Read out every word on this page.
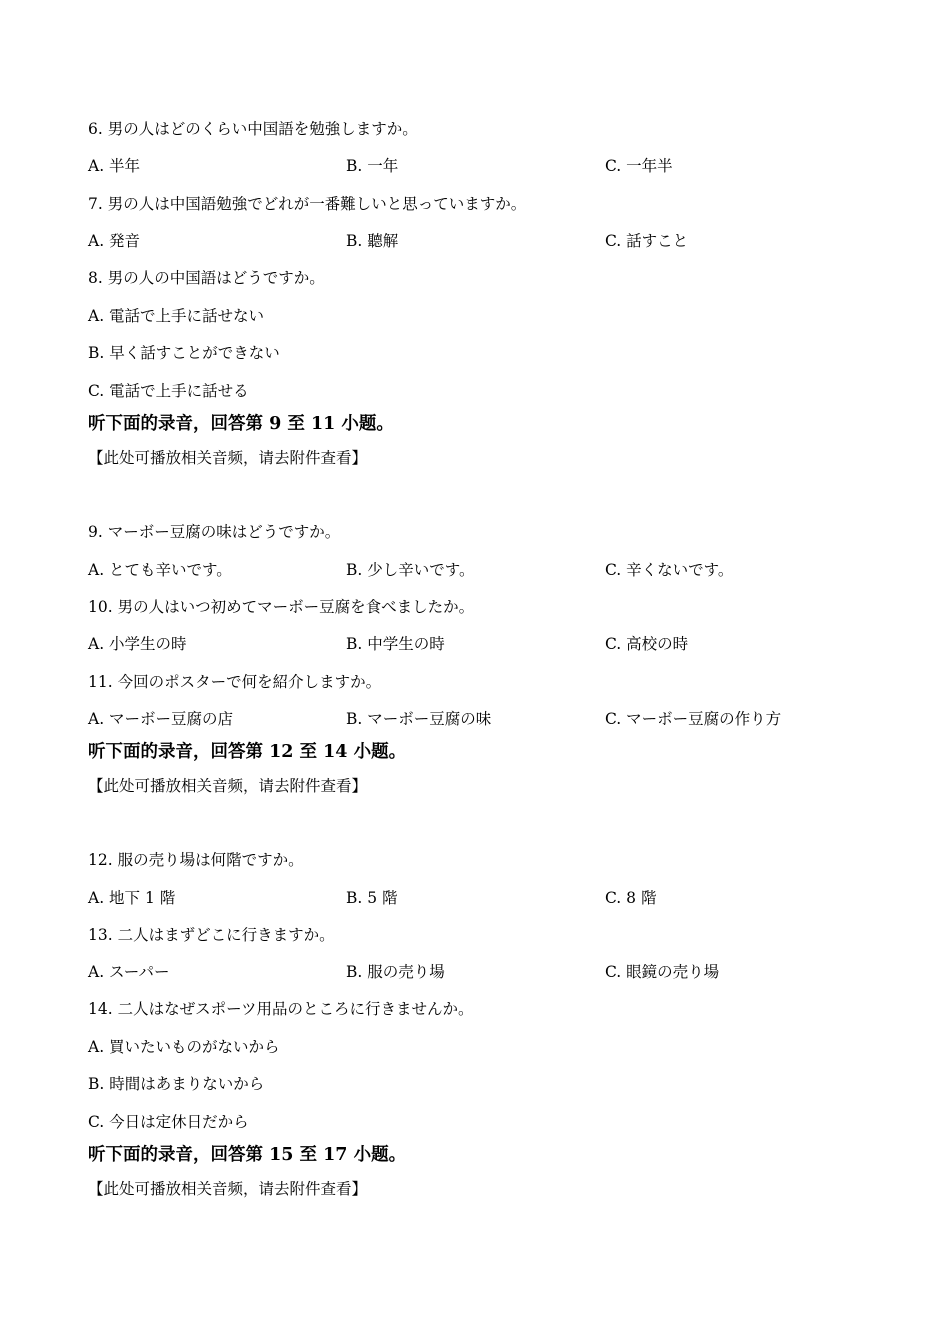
6. 男の人はどのくらい中国語を勉強しますか。
A. 半年	B. 一年	C. 一年半
7. 男の人は中国語勉強でどれが一番難しいと思っていますか。
A. 発音	B. 聽解	C. 話すこと
8. 男の人の中国語はどうですか。
A. 電話で上手に話せない
B. 早く話すことができない
C. 電話で上手に話せる
听下面的录音，回答第 9 至 11 小题。
【此处可播放相关音频，请去附件查看】
9. マーボー豆腐の味はどうですか。
A. とても辛いです。	B. 少し辛いです。	C. 辛くないです。
10. 男の人はいつ初めてマーボー豆腐を食べましたか。
A. 小学生の時	B. 中学生の時	C. 高校の時
11. 今回のポスターで何を紹介しますか。
A. マーボー豆腐の店	B. マーボー豆腐の味	C. マーボー豆腐の作り方
听下面的录音，回答第 12 至 14 小题。
【此处可播放相关音频，请去附件查看】
12. 服の売り場は何階ですか。
A. 地下 1 階	B. 5 階	C. 8 階
13. 二人はまずどこに行きますか。
A. スーパー	B. 服の売り場	C. 眼鏡の売り場
14. 二人はなぜスポーツ用品のところに行きませんか。
A. 買いたいものがないから
B. 時間はあまりないから
C. 今日は定休日だから
听下面的录音，回答第 15 至 17 小题。
【此处可播放相关音频，请去附件查看】
